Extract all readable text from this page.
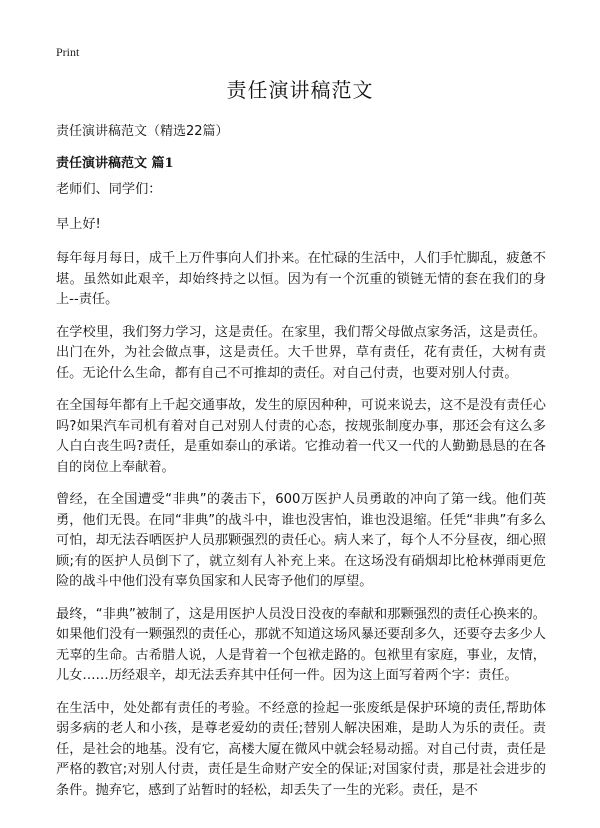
Print
责任演讲稿范文

责任演讲稿范文（精选22篇）

责任演讲稿范文 篇1

老师们、同学们：

早上好!

每年每月每日，成千上万件事向人们扑来。在忙碌的生活中，人们手忙脚乱，疲惫不堪。虽然如此艰辛，却始终持之以恒。因为有一个沉重的锁链无情的套在我们的身上--责任。

在学校里，我们努力学习，这是责任。在家里，我们帮父母做点家务活，这是责任。出门在外，为社会做点事，这是责任。大千世界，草有责任，花有责任，大树有责任。无论什么生命，都有自己不可推却的责任。对自己付责，也要对别人付责。

在全国每年都有上千起交通事故，发生的原因种种，可说来说去，这不是没有责任心吗?如果汽车司机有着对自己对别人付责的心态，按规张制度办事，那还会有这么多人白白丧生吗?责任，是重如泰山的承诺。它推动着一代又一代的人勤勤恳恳的在各自的岗位上奉献着。

曾经，在全国遭受“非典”的袭击下，600万医护人员勇敢的冲向了第一线。他们英勇，他们无畏。在同“非典”的战斗中，谁也没害怕，谁也没退缩。任凭“非典”有多么可怕，却无法吞哂医护人员那颗强烈的责任心。病人来了，每个人不分昼夜，细心照顾;有的医护人员倒下了，就立刻有人补充上来。在这场没有硝烟却比枪林弹雨更危险的战斗中他们没有辜负国家和人民寄予他们的厚望。

最终，“非典”被制了，这是用医护人员没日没夜的奉献和那颗强烈的责任心换来的。如果他们没有一颗强烈的责任心，那就不知道这场风暴还要刮多久，还要夺去多少人无辜的生命。古希腊人说，人是背着一个包袱走路的。包袱里有家庭，事业，友情，儿女……历经艰辛，却无法丢弃其中任何一件。因为这上面写着两个字：责任。

在生活中，处处都有责任的考验。不经意的捡起一张废纸是保护环境的责任,帮助体弱多病的老人和小孩，是尊老爱幼的责任;替别人解决困难，是助人为乐的责任。责任，是社会的地基。没有它，高楼大厦在微风中就会轻易动摇。对自己付责，责任是严格的教官;对别人付责，责任是生命财产安全的保证;对国家付责，那是社会进步的条件。抛弃它，感到了站暂时的轻松，却丢失了一生的光彩。责任，是不
